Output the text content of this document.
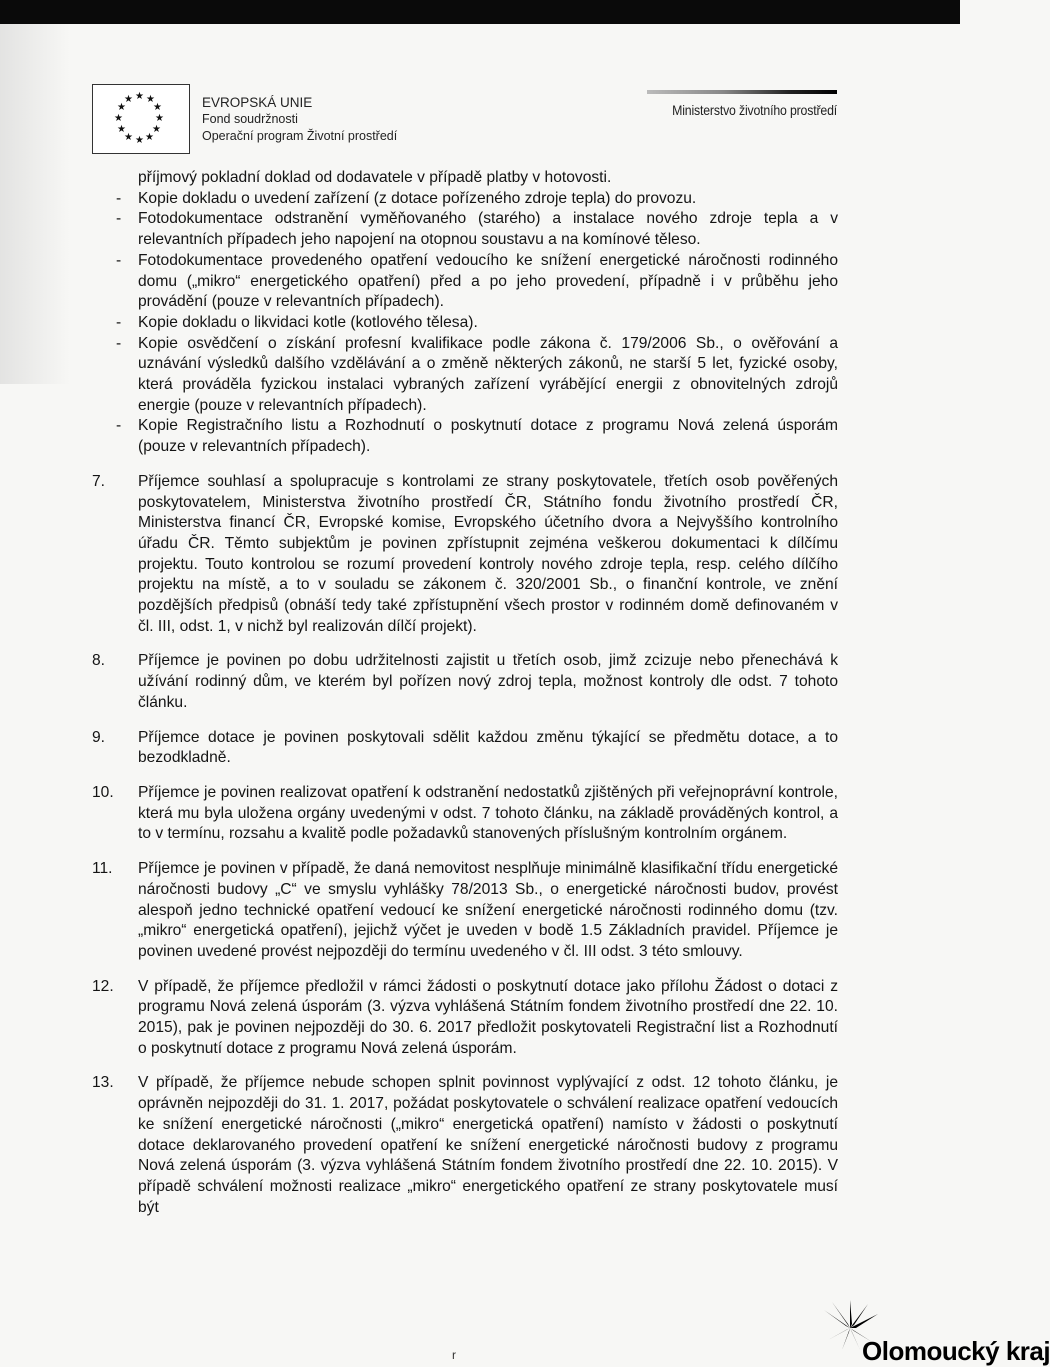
★ ★
★
★
★
★
★
★
★
★
★
★	EVROPSKÁ UNIE
Fond soudržnosti
Operační program Životní prostředí
Ministerstvo životního prostředí

příjmový pokladní doklad od dodavatele v případě platby v hotovosti.

- Kopie dokladu o uvedení zařízení (z dotace pořízeného zdroje tepla) do provozu.

- Fotodokumentace odstranění vyměňovaného (starého) a instalace nového zdroje tepla a v relevantních případech jeho napojení na otopnou soustavu a na komínové těleso.

- Fotodokumentace provedeného opatření vedoucího ke snížení energetické náročnosti rodinného domu („mikro“ energetického opatření) před a po jeho provedení, případně i v průběhu jeho provádění (pouze v relevantních případech).

- Kopie dokladu o likvidaci kotle (kotlového tělesa).

- Kopie osvědčení o získání profesní kvalifikace podle zákona č. 179/2006 Sb., o ověřování a uznávání výsledků dalšího vzdělávání a o změně některých zákonů, ne starší 5 let, fyzické osoby, která prováděla fyzickou instalaci vybraných zařízení vyrábějící energii z obnovitelných zdrojů energie (pouze v relevantních případech).

- Kopie Registračního listu a Rozhodnutí o poskytnutí dotace z programu Nová zelená úsporám (pouze v relevantních případech).

7. Příjemce souhlasí a spolupracuje s kontrolami ze strany poskytovatele, třetích osob pověřených poskytovatelem, Ministerstva životního prostředí ČR, Státního fondu životního prostředí ČR, Ministerstva financí ČR, Evropské komise, Evropského účetního dvora a Nejvyššího kontrolního úřadu ČR. Těmto subjektům je povinen zpřístupnit zejména veškerou dokumentaci k dílčímu projektu. Touto kontrolou se rozumí provedení kontroly nového zdroje tepla, resp. celého dílčího projektu na místě, a to v souladu se zákonem č. 320/2001 Sb., o finanční kontrole, ve znění pozdějších předpisů (obnáší tedy také zpřístupnění všech prostor v rodinném domě definovaném v čl. III, odst. 1, v nichž byl realizován dílčí projekt).

8. Příjemce je povinen po dobu udržitelnosti zajistit u třetích osob, jimž zcizuje nebo přenechává k užívání rodinný dům, ve kterém byl pořízen nový zdroj tepla, možnost kontroly dle odst. 7 tohoto článku.

9. Příjemce dotace je povinen poskytovali sdělit každou změnu týkající se předmětu dotace, a to bezodkladně.

10. Příjemce je povinen realizovat opatření k odstranění nedostatků zjištěných při veřejnoprávní kontrole, která mu byla uložena orgány uvedenými v odst. 7 tohoto článku, na základě prováděných kontrol, a to v termínu, rozsahu a kvalitě podle požadavků stanovených příslušným kontrolním orgánem.

11. Příjemce je povinen v případě, že daná nemovitost nesplňuje minimálně klasifikační třídu energetické náročnosti budovy „C“ ve smyslu vyhlášky 78/2013 Sb., o energetické náročnosti budov, provést alespoň jedno technické opatření vedoucí ke snížení energetické náročnosti rodinného domu (tzv. „mikro“ energetická opatření), jejichž výčet je uveden v bodě 1.5 Základních pravidel. Příjemce je povinen uvedené provést nejpozději do termínu uvedeného v čl. III odst. 3 této smlouvy.

12. V případě, že příjemce předložil v rámci žádosti o poskytnutí dotace jako přílohu Žádost o dotaci z programu Nová zelená úsporám (3. výzva vyhlášená Státním fondem životního prostředí dne 22. 10. 2015), pak je povinen nejpozději do 30. 6. 2017 předložit poskytovateli Registrační list a Rozhodnutí o poskytnutí dotace z programu Nová zelená úsporám.

13. V případě, že příjemce nebude schopen splnit povinnost vyplývající z odst. 12 tohoto článku, je oprávněn nejpozději do 31. 1. 2017, požádat poskytovatele o schválení realizace opatření vedoucích ke snížení energetické náročnosti („mikro“ energetická opatření) namísto v žádosti o poskytnutí dotace deklarovaného provedení opatření ke snížení energetické náročnosti budovy z programu Nová zelená úsporám (3. výzva vyhlášená Státním fondem životního prostředí dne 22. 10. 2015). V případě schválení možnosti realizace „mikro“ energetického opatření ze strany poskytovatele musí být

r	Olomoucký kraj
